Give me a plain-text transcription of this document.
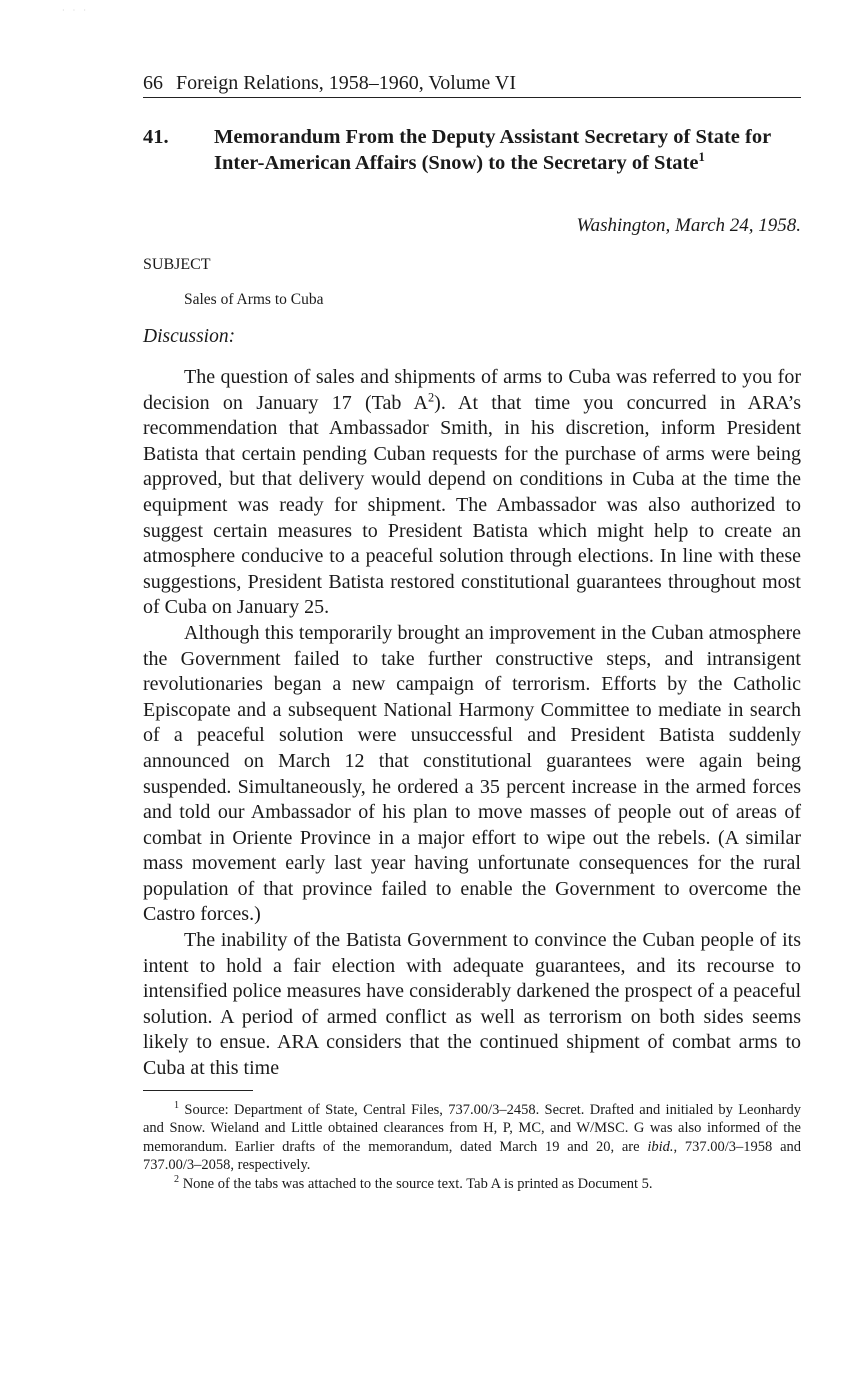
· · ·
66 Foreign Relations, 1958–1960, Volume VI
41.	Memorandum From the Deputy Assistant Secretary of State for Inter-American Affairs (Snow) to the Secretary of State$^1$
Washington, March 24, 1958.
SUBJECT
Sales of Arms to Cuba
Discussion:

The question of sales and shipments of arms to Cuba was referred to you for decision on January 17 (Tab $A^2$). At that time you concurred in ARA’s recommendation that Ambassador Smith, in his discretion, inform President Batista that certain pending Cuban requests for the purchase of arms were being approved, but that delivery would depend on conditions in Cuba at the time the equipment was ready for shipment. The Ambassador was also authorized to suggest certain measures to President Batista which might help to create an atmosphere conducive to a peaceful solution through elections. In line with these suggestions, President Batista restored constitutional guarantees throughout most of Cuba on January 25.

Although this temporarily brought an improvement in the Cuban atmosphere the Government failed to take further constructive steps, and intransigent revolutionaries began a new campaign of terrorism. Efforts by the Catholic Episcopate and a subsequent National Harmony Committee to mediate in search of a peaceful solution were unsuccessful and President Batista suddenly announced on March 12 that constitutional guarantees were again being suspended. Simultaneously, he ordered a 35 percent increase in the armed forces and told our Ambassador of his plan to move masses of people out of areas of combat in Oriente Province in a major effort to wipe out the rebels. (A similar mass movement early last year having unfortunate consequences for the rural population of that province failed to enable the Government to overcome the Castro forces.)

The inability of the Batista Government to convince the Cuban people of its intent to hold a fair election with adequate guarantees, and its recourse to intensified police measures have considerably darkened the prospect of a peaceful solution. A period of armed conflict as well as terrorism on both sides seems likely to ensue. ARA considers that the continued shipment of combat arms to Cuba at this time

$^1$ Source: Department of State, Central Files, 737.00/3–2458. Secret. Drafted and initialed by Leonhardy and Snow. Wieland and Little obtained clearances from H, P, MC, and W/MSC. G was also informed of the memorandum. Earlier drafts of the memorandum, dated March 19 and 20, are ibid., 737.00/3–1958 and 737.00/3–2058, respectively.

$^2$ None of the tabs was attached to the source text. Tab A is printed as Document 5.
